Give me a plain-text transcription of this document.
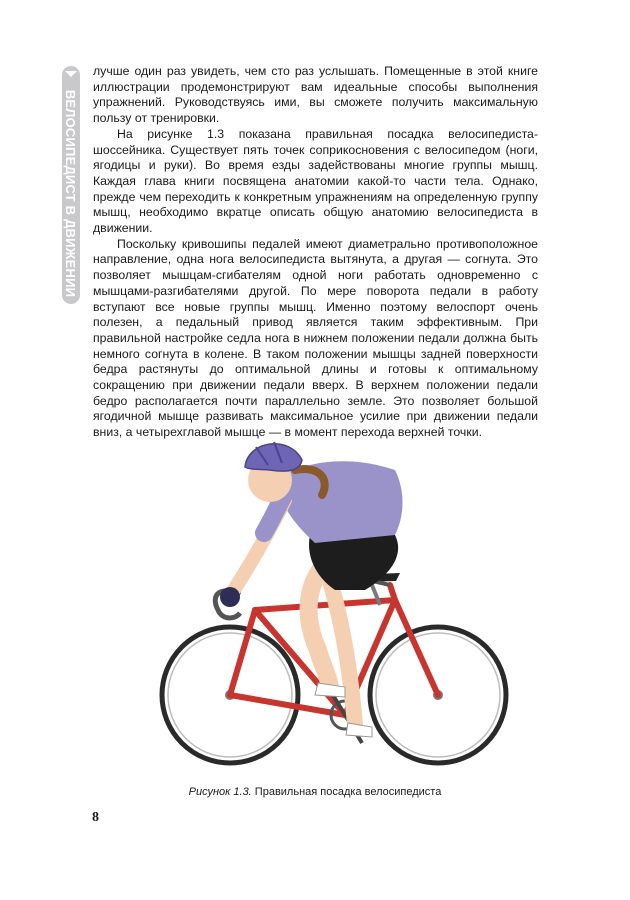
ВЕЛОСИПЕДИСТ В ДВИЖЕНИИ

лучше один раз увидеть, чем сто раз услышать. Помещенные в этой книге иллюстрации продемонстрируют вам идеальные способы выполнения упражнений. Руководствуясь ими, вы сможете получить максимальную пользу от тренировки.

На рисунке 1.3 показана правильная посадка велосипедиста-шоссейника. Существует пять точек соприкосновения с велосипедом (ноги, ягодицы и руки). Во время езды задействованы многие группы мышц. Каждая глава книги посвящена анатомии какой-то части тела. Однако, прежде чем переходить к конкретным упражнениям на определенную группу мышц, необходимо вкратце описать общую анатомию велосипедиста в движении.

Поскольку кривошипы педалей имеют диаметрально противоположное направление, одна нога велосипедиста вытянута, а другая — согнута. Это позволяет мышцам-сгибателям одной ноги работать одновременно с мышцами-разгибателями другой. По мере поворота педали в работу вступают все новые группы мышц. Именно поэтому велоспорт очень полезен, а педальный привод является таким эффективным. При правильной настройке седла нога в нижнем положении педали должна быть немного согнута в колене. В таком положении мышцы задней поверхности бедра растянуты до оптимальной длины и готовы к оптимальному сокращению при движении педали вверх. В верхнем положении педали бедро располагается почти параллельно земле. Это позволяет большой ягодичной мышце развивать максимальное усилие при движении педали вниз, а четырехглавой мышце — в момент перехода верхней точки.

Рисунок 1.3. Правильная посадка велосипедиста
8
